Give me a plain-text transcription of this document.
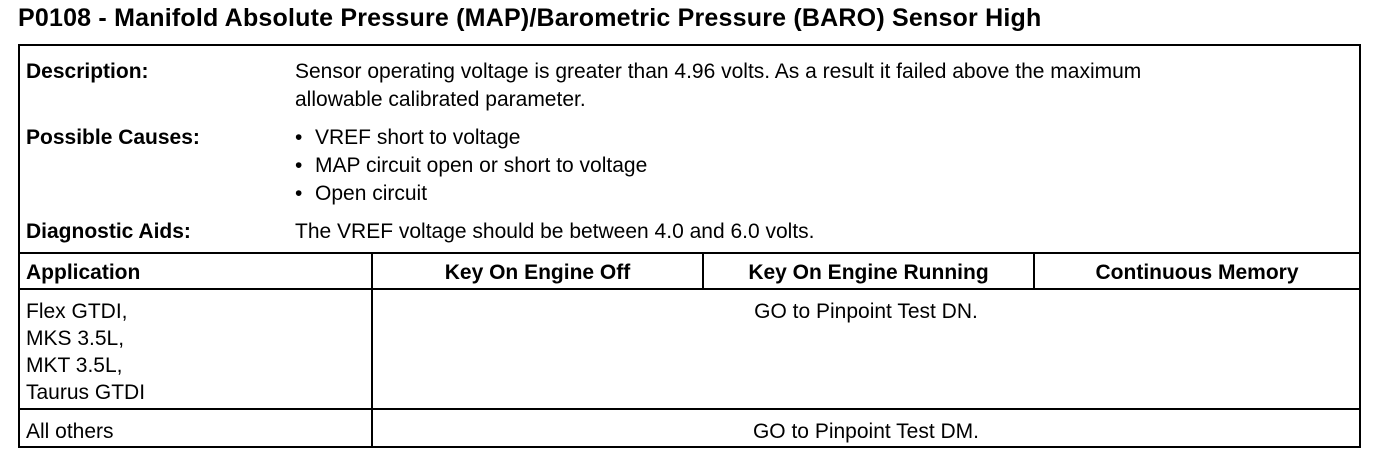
P0108 - Manifold Absolute Pressure (MAP)/Barometric Pressure (BARO) Sensor High
Description:	Sensor operating voltage is greater than 4.96 volts. As a result it failed above the maximum
allowable calibrated parameter.
Possible Causes:
•	VREF short to voltage
• MAP circuit open or short to voltage
• Open circuit
Diagnostic Aids:	The VREF voltage should be between 4.0 and 6.0 volts.
Application	Key On Engine Off	Key On Engine Running	Continuous Memory
Flex GTDI,
MKS 3.5L,
MKT 3.5L,
Taurus GTDI
GO to Pinpoint Test DN.
All others	GO to Pinpoint Test DM.
